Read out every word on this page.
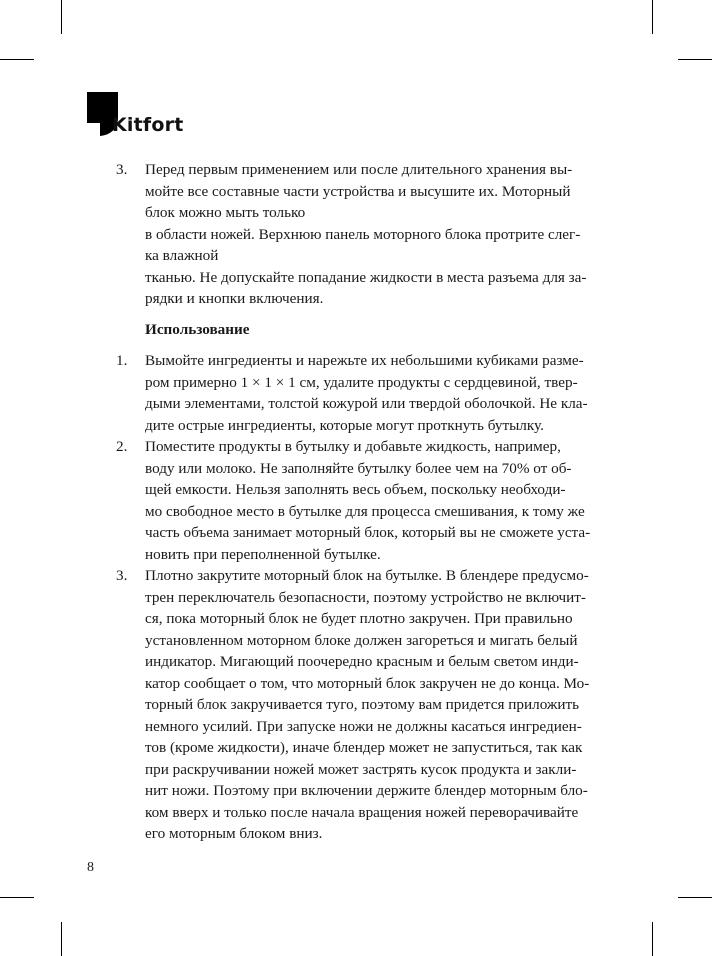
Kitfort
3. Перед первым применением или после длительного хранения вы-
мойте все составные части устройства и высушите их. Моторный
блок можно мыть только
в области ножей. Верхнюю панель моторного блока протрите слег-
ка влажной
тканью. Не допускайте попадание жидкости в места разъема для за-
рядки и кнопки включения.
Использование
1. Вымойте ингредиенты и нарежьте их небольшими кубиками разме-
ром примерно 1 × 1 × 1 см, удалите продукты с сердцевиной, твер-
дыми элементами, толстой кожурой или твердой оболочкой. Не кла-
дите острые ингредиенты, которые могут проткнуть бутылку.
2. Поместите продукты в бутылку и добавьте жидкость, например,
воду или молоко. Не заполняйте бутылку более чем на 70% от об-
щей емкости. Нельзя заполнять весь объем, поскольку необходи-
мо свободное место в бутылке для процесса смешивания, к тому же
часть объема занимает моторный блок, который вы не сможете уста-
новить при переполненной бутылке.
3. Плотно закрутите моторный блок на бутылке. В блендере предусмо-
трен переключатель безопасности, поэтому устройство не включит-
ся, пока моторный блок не будет плотно закручен. При правильно
установленном моторном блоке должен загореться и мигать белый
индикатор. Мигающий поочередно красным и белым светом инди-
катор сообщает о том, что моторный блок закручен не до конца. Мо-
торный блок закручивается туго, поэтому вам придется приложить
немного усилий. При запуске ножи не должны касаться ингредиен-
тов (кроме жидкости), иначе блендер может не запуститься, так как
при раскручивании ножей может застрять кусок продукта и закли-
нит ножи. Поэтому при включении держите блендер моторным бло-
ком вверх и только после начала вращения ножей переворачивайте
его моторным блоком вниз.
8
